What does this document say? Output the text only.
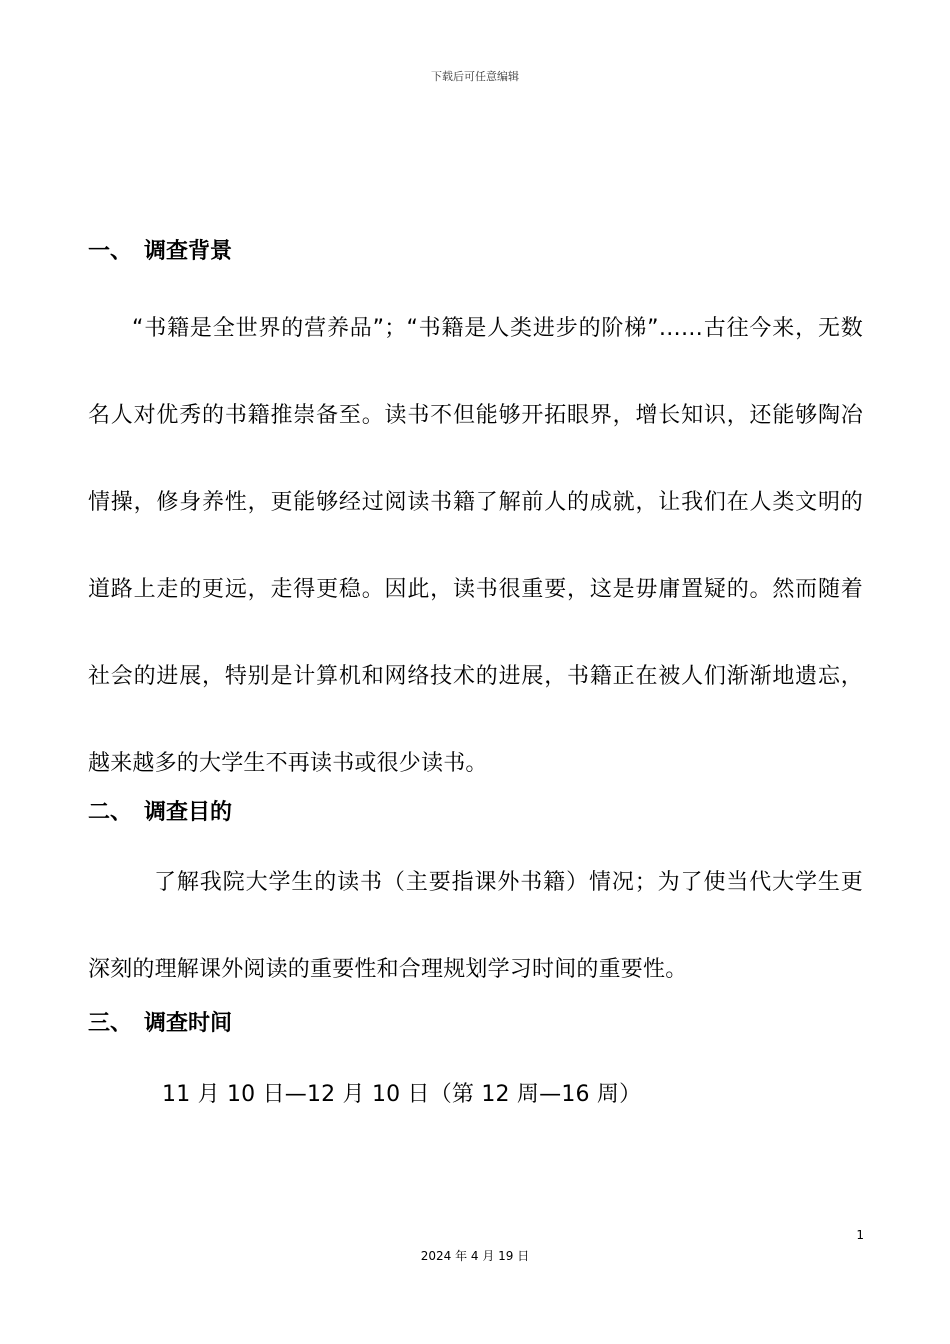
下载后可任意编辑
一、 调查背景

“书籍是全世界的营养品”；“书籍是人类进步的阶梯”……古往今来，无数名人对优秀的书籍推崇备至。读书不但能够开拓眼界，增长知识，还能够陶冶情操，修身养性，更能够经过阅读书籍了解前人的成就，让我们在人类文明的道路上走的更远，走得更稳。因此，读书很重要，这是毋庸置疑的。然而随着社会的进展，特别是计算机和网络技术的进展，书籍正在被人们渐渐地遗忘，越来越多的大学生不再读书或很少读书。

二、 调查目的

了解我院大学生的读书（主要指课外书籍）情况；为了使当代大学生更深刻的理解课外阅读的重要性和合理规划学习时间的重要性。

三、 调查时间

11 月 10 日—12 月 10 日（第 12 周—16 周）

1
2024 年 4 月 19 日
